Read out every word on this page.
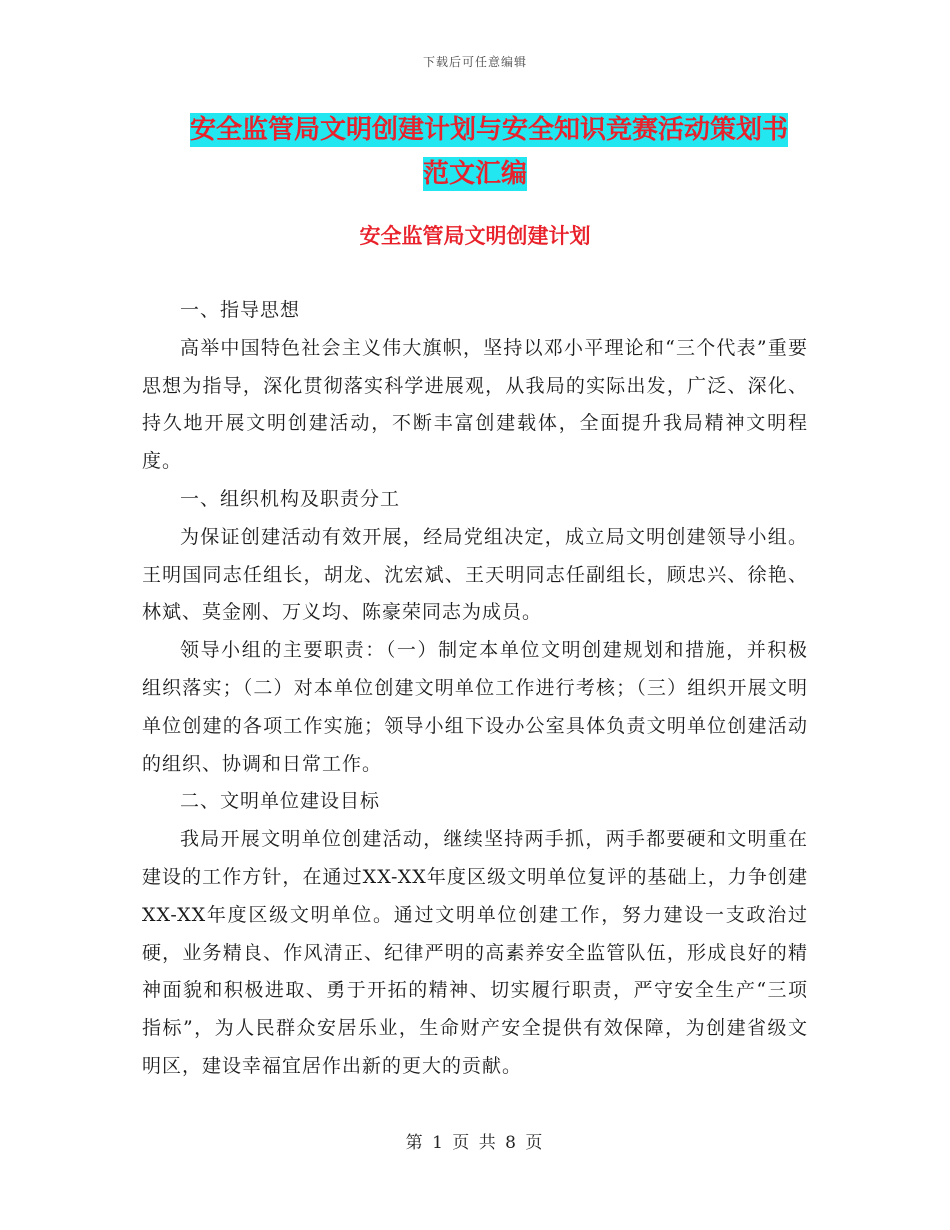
下载后可任意编辑
安全监管局文明创建计划与安全知识竞赛活动策划书
范文汇编
安全监管局文明创建计划

一、指导思想

高举中国特色社会主义伟大旗帜，坚持以邓小平理论和“三个代表”重要思想为指导，深化贯彻落实科学进展观，从我局的实际出发，广泛、深化、持久地开展文明创建活动，不断丰富创建载体，全面提升我局精神文明程度。

一、组织机构及职责分工

为保证创建活动有效开展，经局党组决定，成立局文明创建领导小组。王明国同志任组长，胡龙、沈宏斌、王天明同志任副组长，顾忠兴、徐艳、林斌、莫金刚、万义均、陈豪荣同志为成员。

领导小组的主要职责：（一）制定本单位文明创建规划和措施，并积极组织落实；（二）对本单位创建文明单位工作进行考核；（三）组织开展文明单位创建的各项工作实施；领导小组下设办公室具体负责文明单位创建活动的组织、协调和日常工作。

二、文明单位建设目标

我局开展文明单位创建活动，继续坚持两手抓，两手都要硬和文明重在建设的工作方针，在通过XX-XX年度区级文明单位复评的基础上，力争创建XX-XX年度区级文明单位。通过文明单位创建工作，努力建设一支政治过硬，业务精良、作风清正、纪律严明的高素养安全监管队伍，形成良好的精神面貌和积极进取、勇于开拓的精神、切实履行职责，严守安全生产“三项指标”，为人民群众安居乐业，生命财产安全提供有效保障，为创建省级文明区，建设幸福宜居作出新的更大的贡献。

第 1 页 共 8 页
